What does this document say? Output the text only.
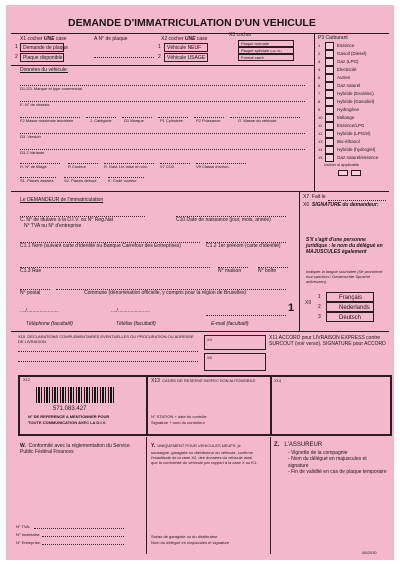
DEMANDE D'IMMATRICULATION D'UN VEHICULE
X1 cocher UNE case
1 Demande de plaque
2 Plaque disponible
A N° de plaque	X2 cocher UNE case
1 Véhicule NEUF
2 Véhicule USAGE
X3 cocher
Plaque normale
Plaque spéciale (voir X1)
Format carré
P3 Carburant
1	Essence
2	Gasoil (Diesel)
3	Gaz (LPG)
4	Electricité
5	Autres
6	Gaz naturel
7	Hybride (Ess/elec)
8	Hybride (Gasoil/el)
9	Hydrogène
10	Mélange
11	Essence/LPG
12	Hybride (LPG/el)
13	Bio-éthanol
14	Hybride (hydrog/el)
15	Gaz naturel/essence
cocher si applicable
Données du véhicule:
D1-D3. Marque et type commercial
E. N° de chassis
F2 Masse maximale autorisée	J. Catégorie	D1 Marque	P1 Cylindrée	P2 Puissance	G. Masse du véhicule
D3. Version
D3-2 Variante
H. N° de tillage	R Couleur	R. Date 1re mise en circ.	V7 CO2	V9 Classe environ.
S1. Places assises	S2. Places debout	K. Code couleur
Le DEMANDEUR de l'immatriculation
C. N° de titulaire à la D.I.V. ou N° Reg.Nat
N° TVA ou N° d'entreprise
C10 Date de naissance (jour, mois, année)
C1.1 Nom (suivant carte d'identité ou Banque Carrefour des Entreprises)	C1.2 1er prénom (carte d'identité)
C1.3 Rue	N° maison	N° boîte
N° postal	Commune (dénomination officielle, y compris pour la région de Bruxelles)
..../.......................	..../.......................
Téléphone (facultatif)	Téléfax (facultatif)	E-mail (facultatif)
1
X7 Fait le
X6 SIGNATURE du demandeur:
S'il s'agit d'une personne juridique : le nom du délégué en MAJUSCULES également
Indiquer la langue souhaitée (Se prononcer tout sanction / Gewenschte Sprache ankreuzen)
X9
1	Français
2	Nederlands
3	Deutsch
X15 DECLARATIONS COMPLEMENTAIRES EVENTUELLES OU PROCURATION OU ADRESSE DE LIVRAISON	X4
X5
X11 ACCORD pour LIVRAISON EXPRESS contre SURCOUT (voir verso). SIGNATURE pour ACCORD
X12
571.083.427
N° DE REFERENCE A MENTIONNER POUR
TOUTE COMMUNICATION AVEC LA D.I.V.
X13 CADRE DE RESERVE INSPECTION AUTOMOBILE
N° STATION + date du contrôle
Signature + nom du contrôleur
X14
W. Conformité avec la réglementation du Service Public Fédéral Finances
N° TVA:
N° Inventaire:
N° Entreprise:
Y. UNIQUEMENT POUR VEHICULES NEUFS: je soussigné, garagiste ou distributeur du véhicule, confirme l'exactitude de la case X2, des données du véhicule ainsi que la conformité du véhicule par rapport à la case X ou K1.
Scéau de garagiste ou du distributeur
Nom du délégué en majuscules et signature
Z. L'ASSUREUR
- Vignette de la compagnie
- Nom du délégué en majuscules et signature
- Fin de validité en cas de plaque temporaire
08/2010
